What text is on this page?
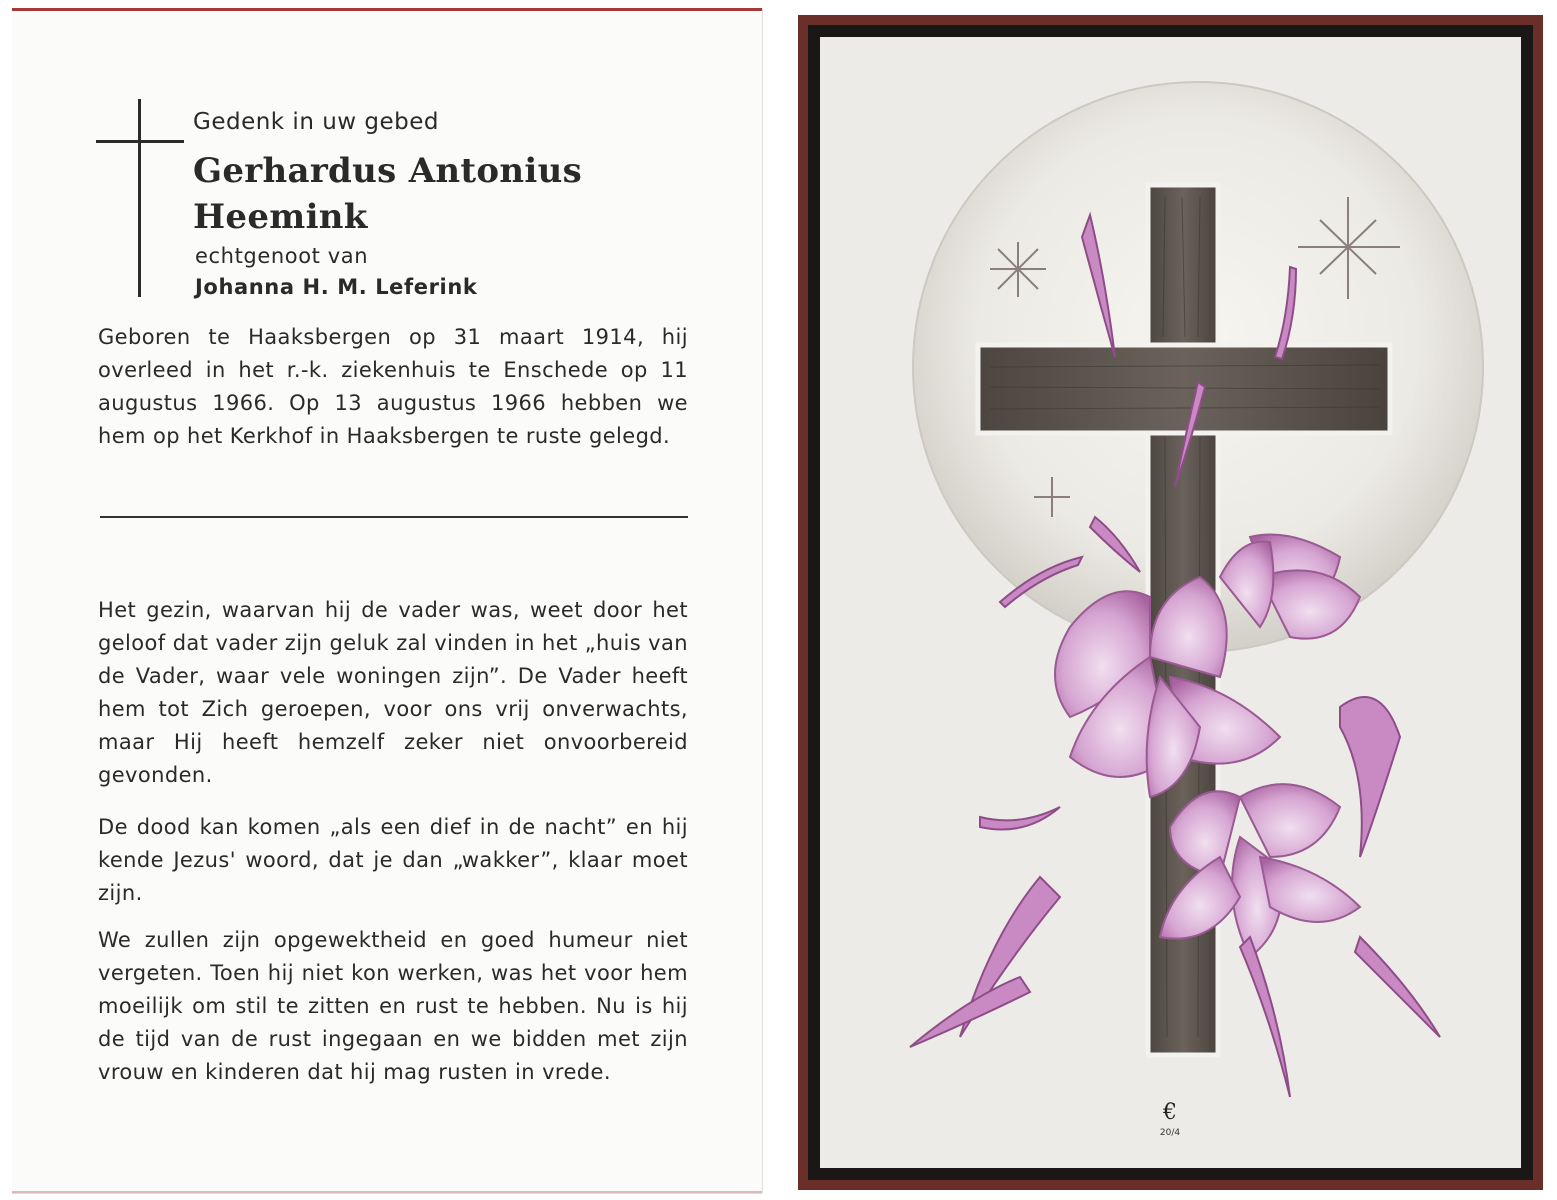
Gedenk in uw gebed
Gerhardus Antonius
Heemink
echtgenoot van
Johanna H. M. Leferink
Geboren te Haaksbergen op 31 maart 1914, hij overleed in het r.-k. ziekenhuis te Enschede op 11 augustus 1966. Op 13 augustus 1966 hebben we hem op het Kerkhof in Haaksbergen te ruste gelegd.
Het gezin, waarvan hij de vader was, weet door het geloof dat vader zijn geluk zal vinden in het „huis van de Vader, waar vele woningen zijn”. De Vader heeft hem tot Zich geroepen, voor ons vrij onverwachts, maar Hij heeft hemzelf zeker niet onvoorbereid gevonden.
De dood kan komen „als een dief in de nacht” en hij kende Jezus' woord, dat je dan „wakker”, klaar moet zijn.
We zullen zijn opgewektheid en goed humeur niet vergeten. Toen hij niet kon werken, was het voor hem moeilijk om stil te zitten en rust te hebben. Nu is hij de tijd van de rust ingegaan en we bidden met zijn vrouw en kinderen dat hij mag rusten in vrede.
€
20/4
